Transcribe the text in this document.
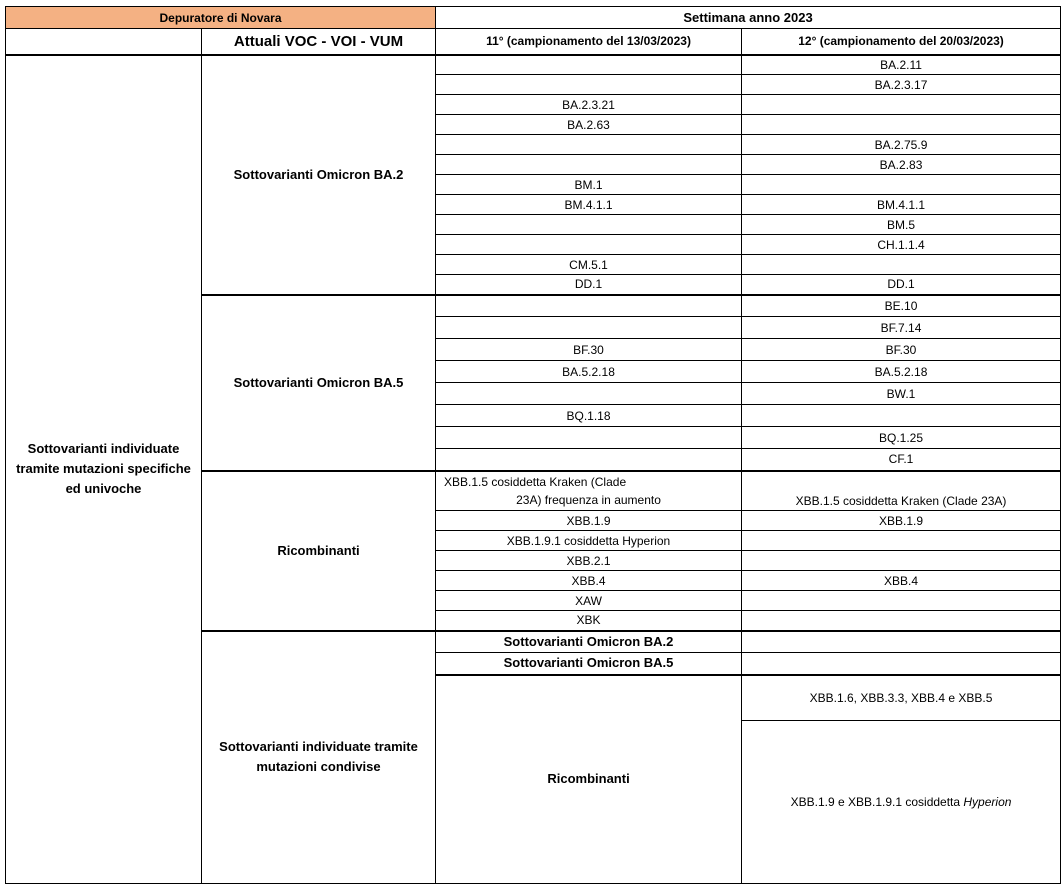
Depuratore di Novara		Settimana anno 2023		
	Attuali VOC - VOI - VUM	11° (campionamento del 13/03/2023)	12° (campionamento del 20/03/2023)	
Sottovarianti individuate tramite mutazioni specifiche ed univoche	Sottovarianti Omicron BA.2		BA.2.11	
			BA.2.3.17	
		BA.2.3.21		
		BA.2.63		
			BA.2.75.9	
			BA.2.83	
		BM.1		
		BM.4.1.1	BM.4.1.1	
			BM.5	
			CH.1.1.4	
		CM.5.1		
		DD.1	DD.1	
	Sottovarianti Omicron BA.5		BE.10	
			BF.7.14	
		BF.30	BF.30	
		BA.5.2.18	BA.5.2.18	
			BW.1	
		BQ.1.18		
			BQ.1.25	
			CF.1	
	Ricombinanti	XBB.1.5 cosiddetta Kraken (Clade
23A) frequenza in aumento	XBB.1.5 cosiddetta Kraken (Clade 23A)	
		XBB.1.9	XBB.1.9	
		XBB.1.9.1 cosiddetta Hyperion		
		XBB.2.1		
		XBB.4	XBB.4	
		XAW		
		XBK		
	Sottovarianti individuate tramite mutazioni condivise	Sottovarianti Omicron BA.2		
		Sottovarianti Omicron BA.5		
		Ricombinanti	XBB.1.6, XBB.3.3, XBB.4 e XBB.5	
			XBB.1.9 e XBB.1.9.1 cosiddetta Hyperion	
